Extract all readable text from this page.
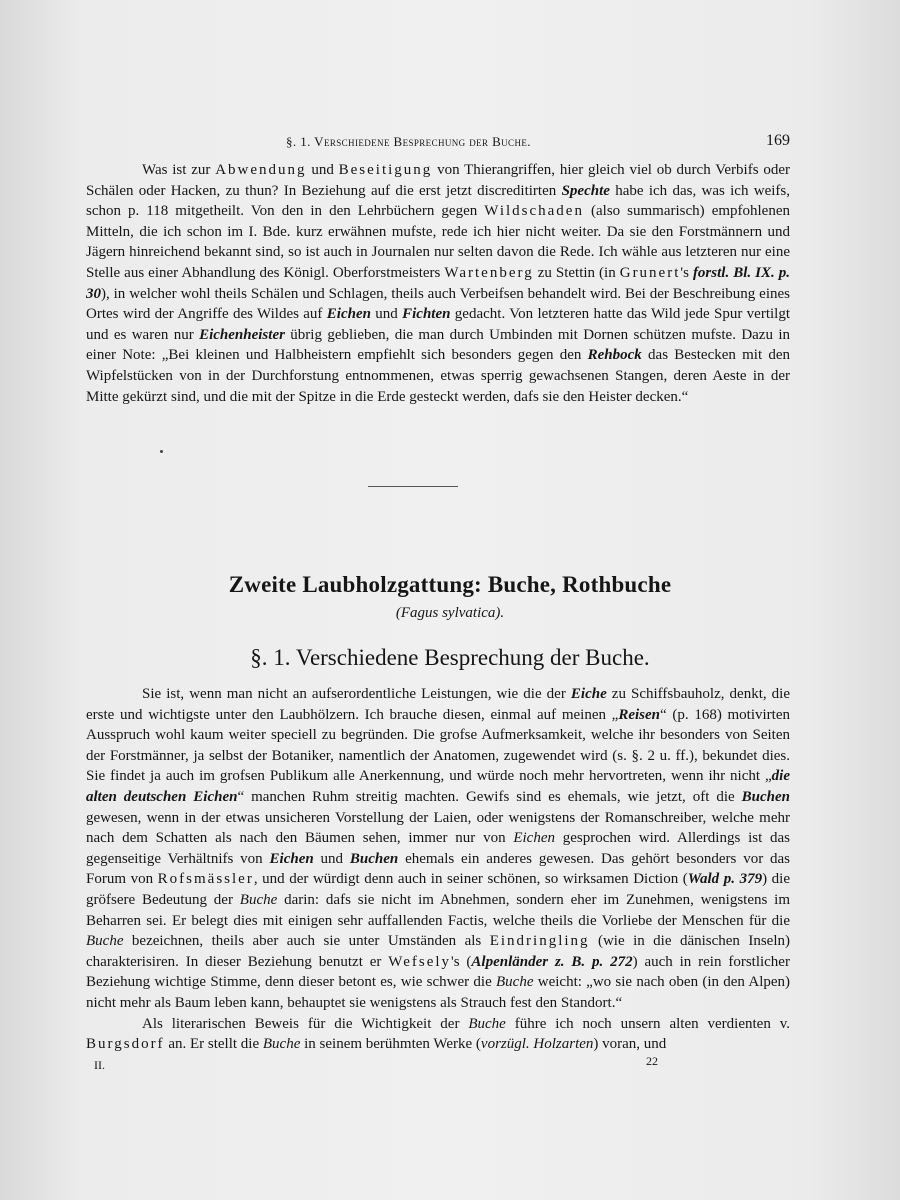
§. 1. Verschiedene Besprechung der Buche.	169

Was ist zur Abwendung und Beseitigung von Thierangriffen, hier gleich viel ob durch Verbifs oder Schälen oder Hacken, zu thun? In Beziehung auf die erst jetzt discreditirten Spechte habe ich das, was ich weifs, schon p. 118 mitgetheilt. Von den in den Lehrbüchern gegen Wildschaden (also summarisch) empfohlenen Mitteln, die ich schon im I. Bde. kurz erwähnen mufste, rede ich hier nicht weiter. Da sie den Forstmännern und Jägern hinreichend bekannt sind, so ist auch in Journalen nur selten davon die Rede. Ich wähle aus letzteren nur eine Stelle aus einer Abhandlung des Königl. Oberforstmeisters Wartenberg zu Stettin (in Grunert's forstl. Bl. IX. p. 30), in welcher wohl theils Schälen und Schlagen, theils auch Verbeifsen behandelt wird. Bei der Beschreibung eines Ortes wird der Angriffe des Wildes auf Eichen und Fichten gedacht. Von letzteren hatte das Wild jede Spur vertilgt und es waren nur Eichenheister übrig geblieben, die man durch Umbinden mit Dornen schützen mufste. Dazu in einer Note: „Bei kleinen und Halbheistern empfiehlt sich besonders gegen den Rehbock das Bestecken mit den Wipfelstücken von in der Durchforstung entnommenen, etwas sperrig gewachsenen Stangen, deren Aeste in der Mitte gekürzt sind, und die mit der Spitze in die Erde gesteckt werden, dafs sie den Heister decken.“

Zweite Laubholzgattung: Buche, Rothbuche
(Fagus sylvatica).
§. 1. Verschiedene Besprechung der Buche.

Sie ist, wenn man nicht an aufserordentliche Leistungen, wie die der Eiche zu Schiffsbauholz, denkt, die erste und wichtigste unter den Laubhölzern. Ich brauche diesen, einmal auf meinen „Reisen“ (p. 168) motivirten Ausspruch wohl kaum weiter speciell zu begründen. Die grofse Aufmerksamkeit, welche ihr besonders von Seiten der Forstmänner, ja selbst der Botaniker, namentlich der Anatomen, zugewendet wird (s. §. 2 u. ff.), bekundet dies. Sie findet ja auch im grofsen Publikum alle Anerkennung, und würde noch mehr hervortreten, wenn ihr nicht „die alten deutschen Eichen“ manchen Ruhm streitig machten. Gewifs sind es ehemals, wie jetzt, oft die Buchen gewesen, wenn in der etwas unsicheren Vorstellung der Laien, oder wenigstens der Romanschreiber, welche mehr nach dem Schatten als nach den Bäumen sehen, immer nur von Eichen gesprochen wird. Allerdings ist das gegenseitige Verhältnifs von Eichen und Buchen ehemals ein anderes gewesen. Das gehört besonders vor das Forum von Rofsmässler, und der würdigt denn auch in seiner schönen, so wirksamen Diction (Wald p. 379) die gröfsere Bedeutung der Buche darin: dafs sie nicht im Abnehmen, sondern eher im Zunehmen, wenigstens im Beharren sei. Er belegt dies mit einigen sehr auffallenden Factis, welche theils die Vorliebe der Menschen für die Buche bezeichnen, theils aber auch sie unter Umständen als Eindringling (wie in die dänischen Inseln) charakterisiren. In dieser Beziehung benutzt er Wefsely's (Alpenländer z. B. p. 272) auch in rein forstlicher Beziehung wichtige Stimme, denn dieser betont es, wie schwer die Buche weicht: „wo sie nach oben (in den Alpen) nicht mehr als Baum leben kann, behauptet sie wenigstens als Strauch fest den Standort.“

Als literarischen Beweis für die Wichtigkeit der Buche führe ich noch unsern alten verdienten v. Burgsdorf an. Er stellt die Buche in seinem berühmten Werke (vorzügl. Holzarten) voran, und

II.	22
